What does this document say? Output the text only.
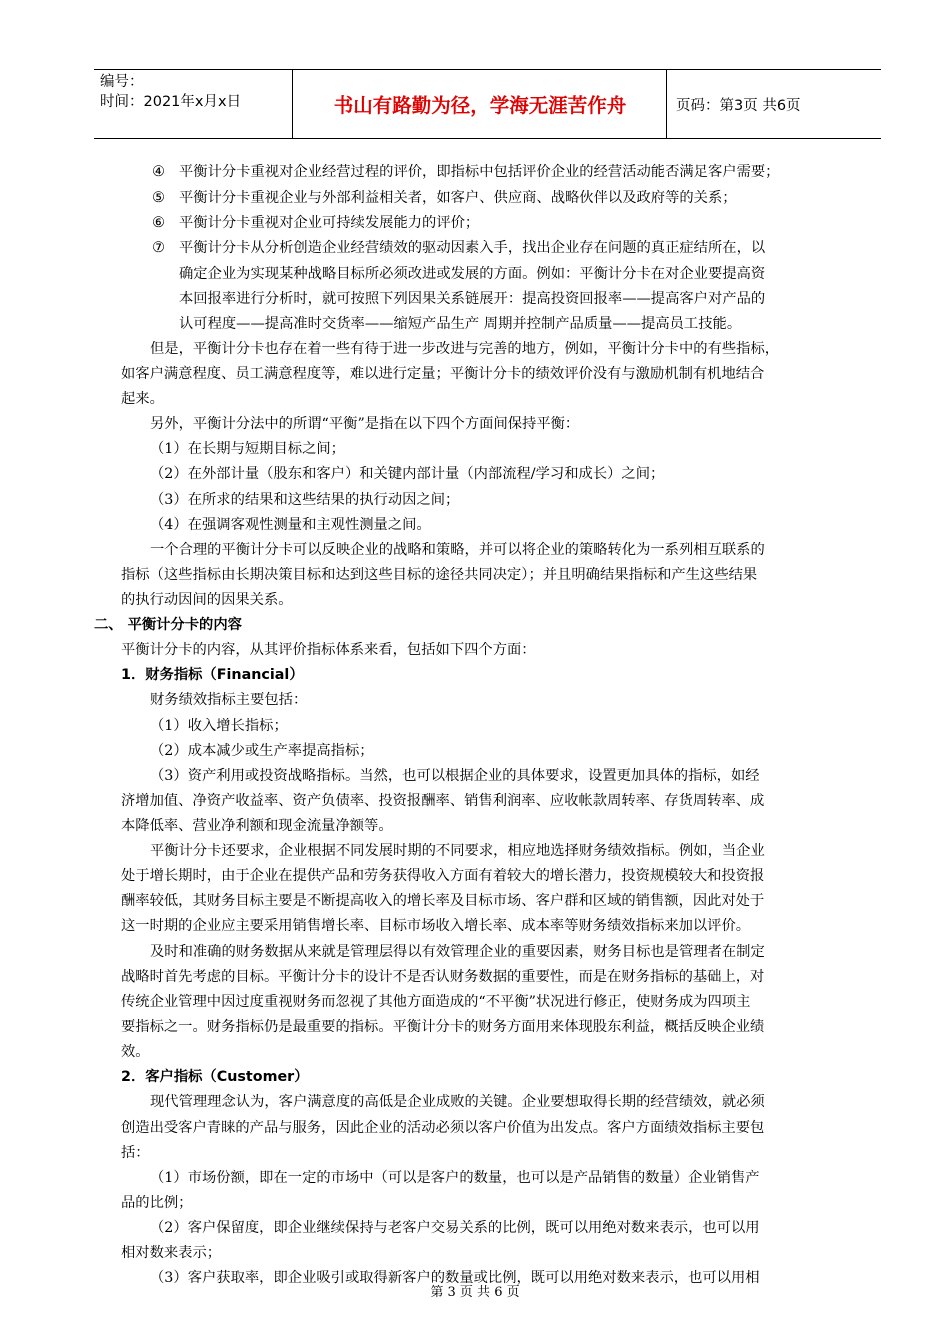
编号：
时间：2021年x月x日	书山有路勤为径，学海无涯苦作舟	页码：第3页 共6页
④ 平衡计分卡重视对企业经营过程的评价，即指标中包括评价企业的经营活动能否满足客户需要；
⑤ 平衡计分卡重视企业与外部利益相关者，如客户、供应商、战略伙伴以及政府等的关系；
⑥ 平衡计分卡重视对企业可持续发展能力的评价；
⑦ 平衡计分卡从分析创造企业经营绩效的驱动因素入手，找出企业存在问题的真正症结所在，以
确定企业为实现某种战略目标所必须改进或发展的方面。例如：平衡计分卡在对企业要提高资
本回报率进行分析时，就可按照下列因果关系链展开：提高投资回报率——提高客户对产品的
认可程度——提高准时交货率——缩短产品生产 周期并控制产品质量——提高员工技能。
但是，平衡计分卡也存在着一些有待于进一步改进与完善的地方，例如，平衡计分卡中的有些指标，
如客户满意程度、员工满意程度等，难以进行定量；平衡计分卡的绩效评价没有与激励机制有机地结合
起来。
另外，平衡计分法中的所谓“平衡”是指在以下四个方面间保持平衡：
（1）在长期与短期目标之间；
（2）在外部计量（股东和客户）和关键内部计量（内部流程/学习和成长）之间；
（3）在所求的结果和这些结果的执行动因之间；
（4）在强调客观性测量和主观性测量之间。
一个合理的平衡计分卡可以反映企业的战略和策略，并可以将企业的策略转化为一系列相互联系的
指标（这些指标由长期决策目标和达到这些目标的途径共同决定）；并且明确结果指标和产生这些结果
的执行动因间的因果关系。
二、 平衡计分卡的内容
平衡计分卡的内容，从其评价指标体系来看，包括如下四个方面：
1．财务指标（Financial）
财务绩效指标主要包括：
（1）收入增长指标；
（2）成本减少或生产率提高指标；
（3）资产利用或投资战略指标。当然，也可以根据企业的具体要求，设置更加具体的指标，如经
济增加值、净资产收益率、资产负债率、投资报酬率、销售利润率、应收帐款周转率、存货周转率、成
本降低率、营业净利额和现金流量净额等。
平衡计分卡还要求，企业根据不同发展时期的不同要求，相应地选择财务绩效指标。例如，当企业
处于增长期时，由于企业在提供产品和劳务获得收入方面有着较大的增长潜力，投资规模较大和投资报
酬率较低，其财务目标主要是不断提高收入的增长率及目标市场、客户群和区域的销售额，因此对处于
这一时期的企业应主要采用销售增长率、目标市场收入增长率、成本率等财务绩效指标来加以评价。
及时和准确的财务数据从来就是管理层得以有效管理企业的重要因素，财务目标也是管理者在制定
战略时首先考虑的目标。平衡计分卡的设计不是否认财务数据的重要性，而是在财务指标的基础上，对
传统企业管理中因过度重视财务而忽视了其他方面造成的“不平衡”状况进行修正，使财务成为四项主
要指标之一。财务指标仍是最重要的指标。平衡计分卡的财务方面用来体现股东利益，概括反映企业绩
效。
2．客户指标（Customer）
现代管理理念认为，客户满意度的高低是企业成败的关键。企业要想取得长期的经营绩效，就必须
创造出受客户青睐的产品与服务，因此企业的活动必须以客户价值为出发点。客户方面绩效指标主要包
括：
（1）市场份额，即在一定的市场中（可以是客户的数量，也可以是产品销售的数量）企业销售产
品的比例；
（2）客户保留度，即企业继续保持与老客户交易关系的比例，既可以用绝对数来表示，也可以用
相对数来表示；
（3）客户获取率，即企业吸引或取得新客户的数量或比例，既可以用绝对数来表示，也可以用相
第 3 页 共 6 页
